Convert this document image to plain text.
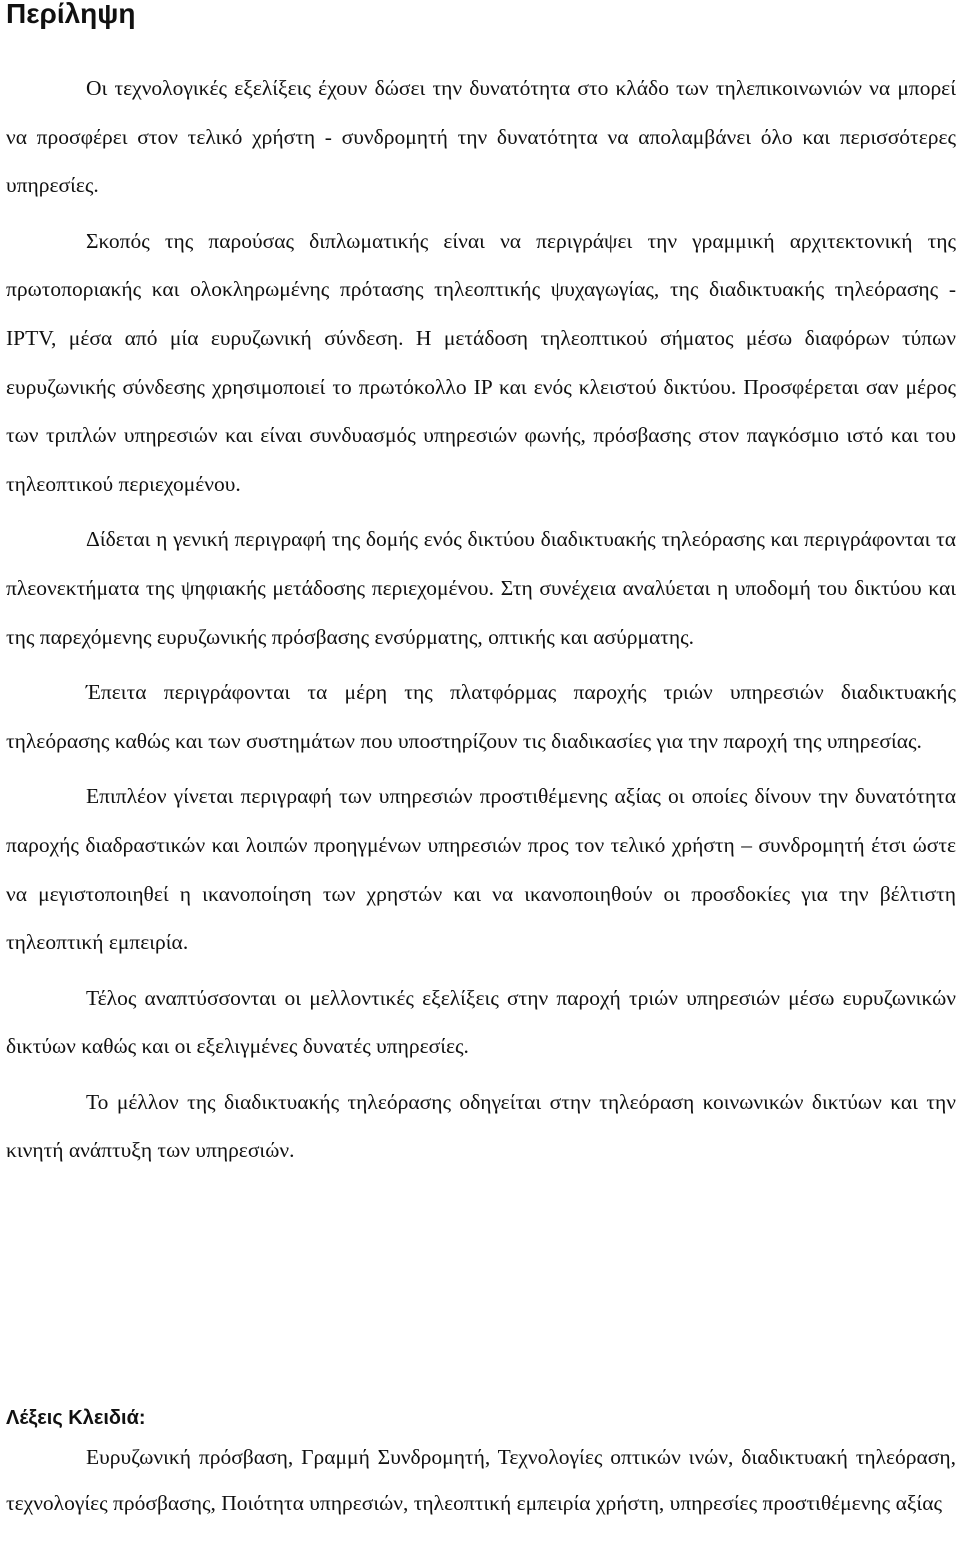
Περίληψη

Οι τεχνολογικές εξελίξεις έχουν δώσει την δυνατότητα στο κλάδο των τηλεπικοινωνιών να μπορεί να προσφέρει στον τελικό χρήστη - συνδρομητή την δυνατότητα να απολαμβάνει όλο και περισσότερες υπηρεσίες.

Σκοπός της παρούσας διπλωματικής είναι να περιγράψει την γραμμική αρχιτεκτονική της πρωτοποριακής και ολοκληρωμένης πρότασης τηλεοπτικής ψυχαγωγίας, της διαδικτυακής τηλεόρασης - IPTV, μέσα από μία ευρυζωνική σύνδεση. Η μετάδοση τηλεοπτικού σήματος μέσω διαφόρων τύπων ευρυζωνικής σύνδεσης χρησιμοποιεί το πρωτόκολλο IP και ενός κλειστού δικτύου. Προσφέρεται σαν μέρος των τριπλών υπηρεσιών και είναι συνδυασμός υπηρεσιών φωνής, πρόσβασης στον παγκόσμιο ιστό και του τηλεοπτικού περιεχομένου.

Δίδεται η γενική περιγραφή της δομής ενός δικτύου διαδικτυακής τηλεόρασης και περιγράφονται τα πλεονεκτήματα της ψηφιακής μετάδοσης περιεχομένου. Στη συνέχεια αναλύεται η υποδομή του δικτύου και της παρεχόμενης ευρυζωνικής πρόσβασης ενσύρματης, οπτικής και ασύρματης.

Έπειτα περιγράφονται τα μέρη της πλατφόρμας παροχής τριών υπηρεσιών διαδικτυακής τηλεόρασης καθώς και των συστημάτων που υποστηρίζουν τις διαδικασίες για την παροχή της υπηρεσίας.

Επιπλέον γίνεται περιγραφή των υπηρεσιών προστιθέμενης αξίας οι οποίες δίνουν την δυνατότητα παροχής διαδραστικών και λοιπών προηγμένων υπηρεσιών προς τον τελικό χρήστη – συνδρομητή έτσι ώστε να μεγιστοποιηθεί η ικανοποίηση των χρηστών και να ικανοποιηθούν οι προσδοκίες για την βέλτιστη τηλεοπτική εμπειρία.

Τέλος αναπτύσσονται οι μελλοντικές εξελίξεις στην παροχή τριών υπηρεσιών μέσω ευρυζωνικών δικτύων καθώς και οι εξελιγμένες δυνατές υπηρεσίες.

Το μέλλον της διαδικτυακής τηλεόρασης οδηγείται στην τηλεόραση κοινωνικών δικτύων και την κινητή ανάπτυξη των υπηρεσιών.

Λέξεις Κλειδιά:

Ευρυζωνική πρόσβαση, Γραμμή Συνδρομητή, Τεχνολογίες οπτικών ινών, διαδικτυακή τηλεόραση, τεχνολογίες πρόσβασης, Ποιότητα υπηρεσιών, τηλεοπτική εμπειρία χρήστη, υπηρεσίες προστιθέμενης αξίας
